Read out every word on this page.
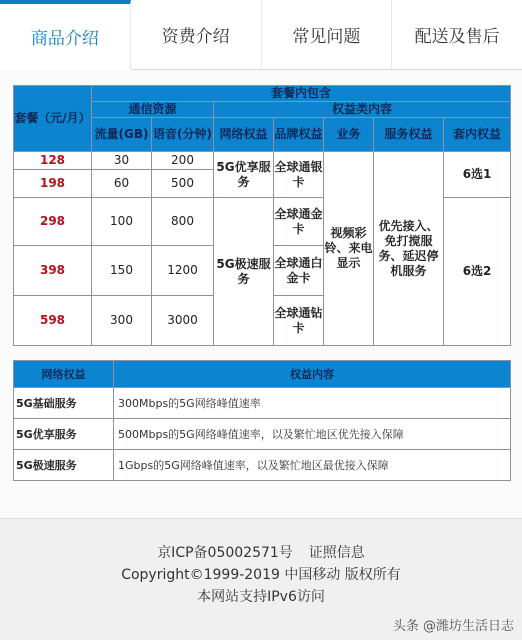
商品介绍	资费介绍	常见问题	配送及售后
套餐（元/月）	套餐内包含						
	通信资源		权益类内容				
	流量(GB)	语音(分钟)	网络权益	品牌权益	业务	服务权益	套内权益
128	30	200	5G优享服务	全球通银卡	视频彩铃、来电显示	优先接入、免打搅服务、延迟停机服务	6选1
198	60	500					
298	100	800	5G极速服务	全球通金卡			6选2
398	150	1200		全球通白金卡			
598	300	3000		全球通钻卡			
网络权益	权益内容
5G基础服务	300Mbps的5G网络峰值速率
5G优享服务	500Mbps的5G网络峰值速率，以及繁忙地区优先接入保障
5G极速服务	1Gbps的5G网络峰值速率，以及繁忙地区最优接入保障
京ICP备05002571号 证照信息
Copyright©1999-2019 中国移动 版权所有
本网站支持IPv6访问
头条 @潍坊生活日志
